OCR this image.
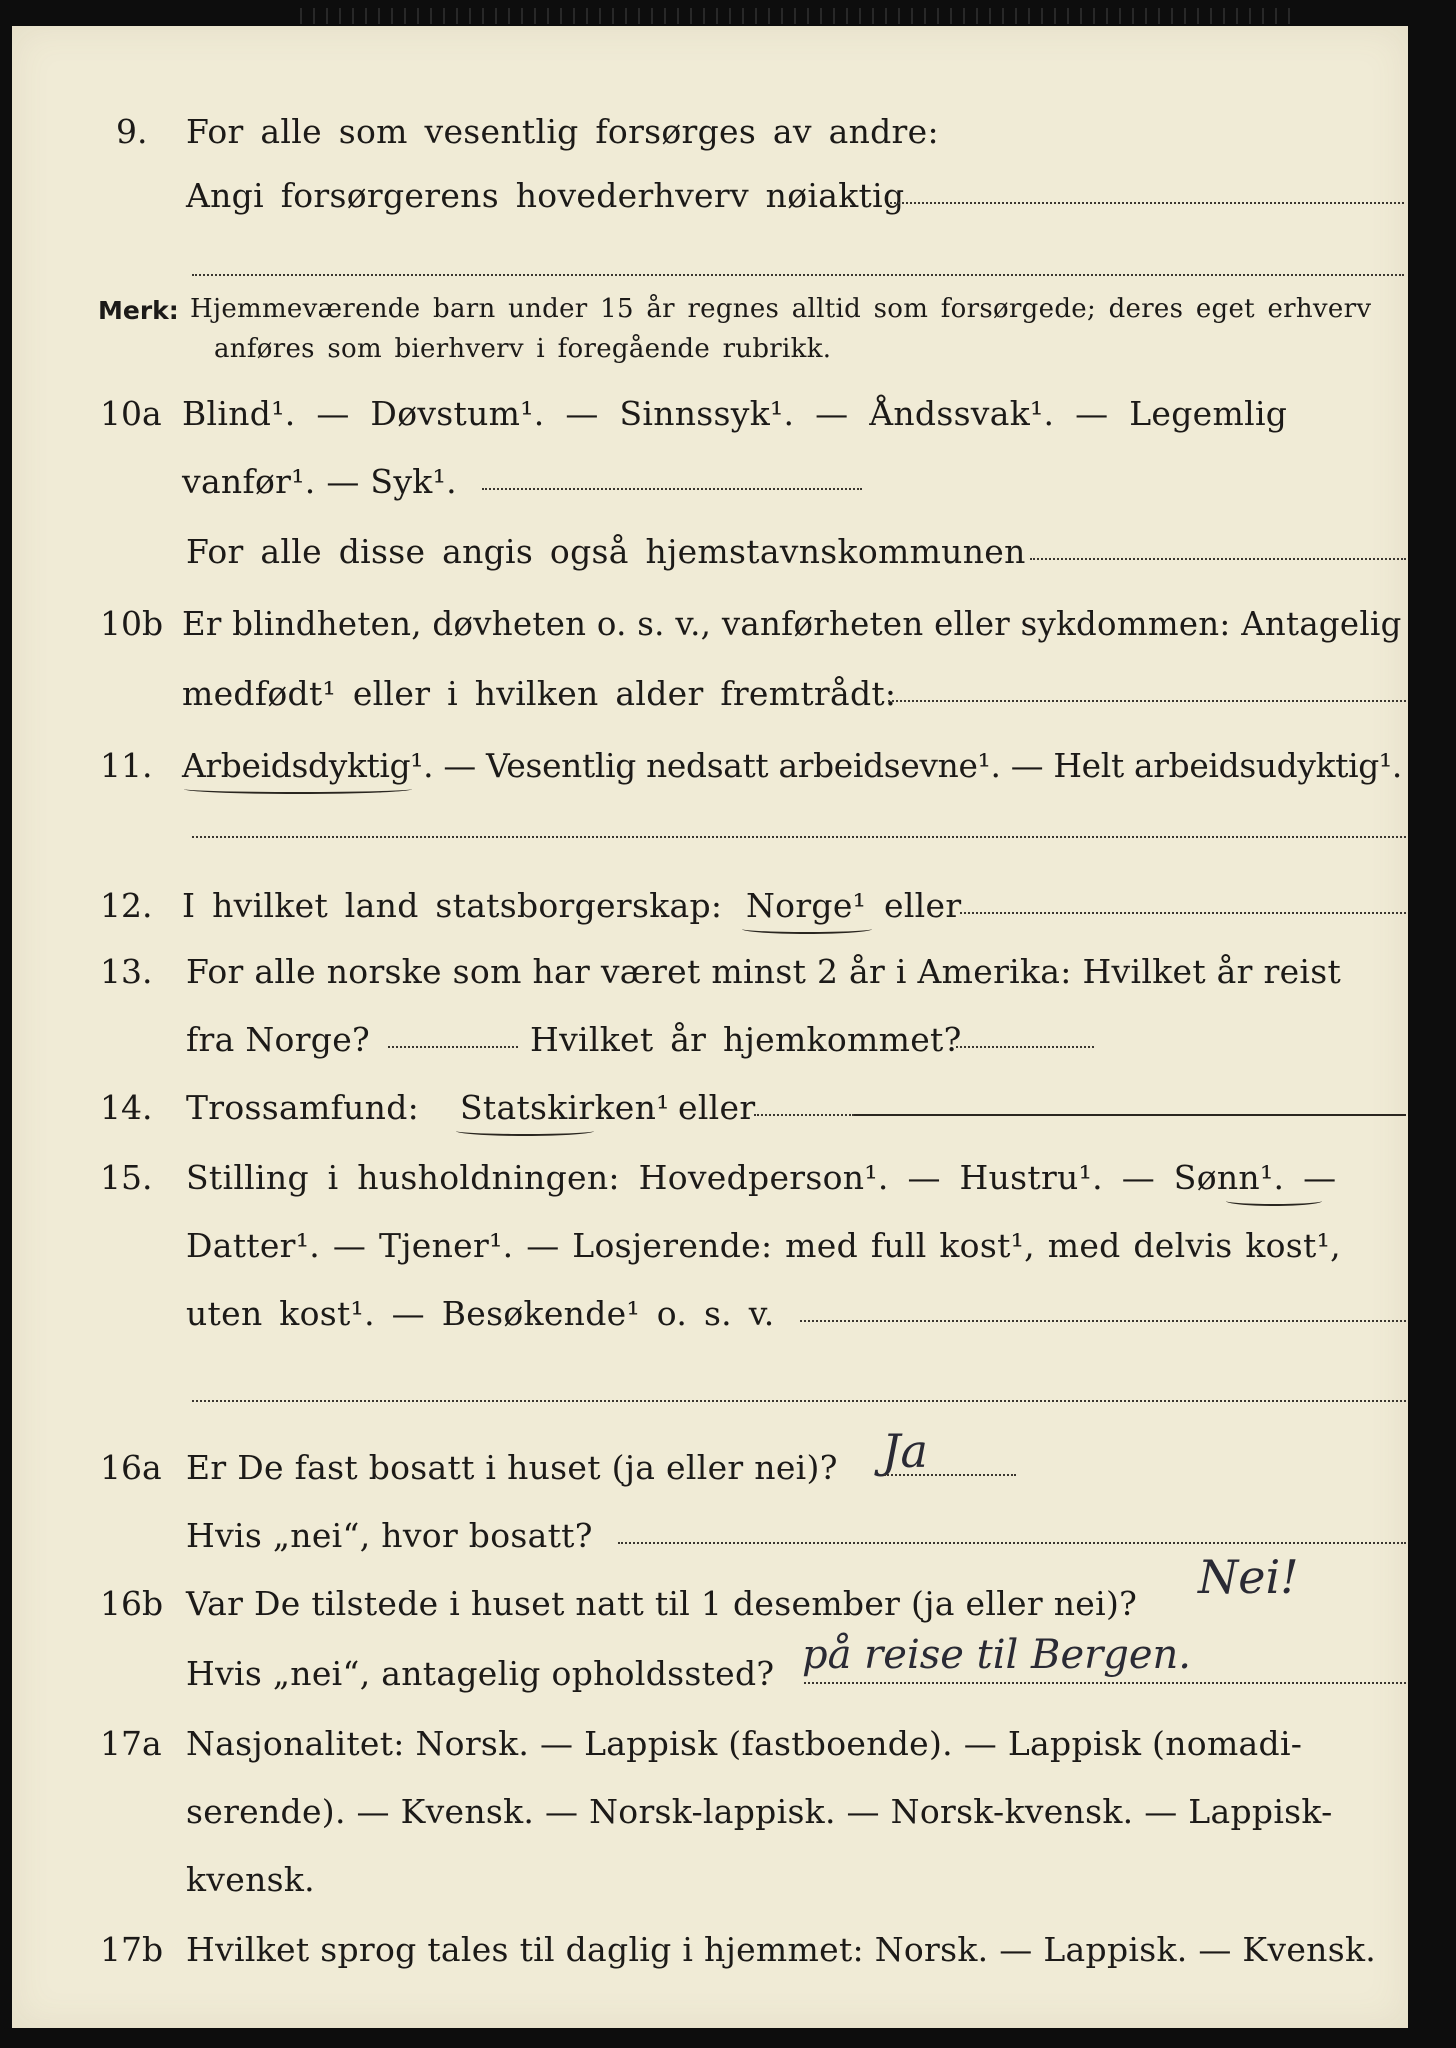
9. For alle som vesentlig forsørges av andre:
Angi forsørgerens hovederhverv nøiaktig
Merk: Hjemmeværende barn under 15 år regnes alltid som forsørgede; deres eget erhverv
anføres som bierhverv i foregående rubrikk.
10a Blind¹. — Døvstum¹. — Sinnssyk¹. — Åndssvak¹. — Legemlig
vanfør¹. — Syk¹.
For alle disse angis også hjemstavnskommunen
10b Er blindheten, døvheten o. s. v., vanførheten eller sykdommen: Antagelig
medfødt¹ eller i hvilken alder fremtrådt:
11. Arbeidsdyktig¹. — Vesentlig nedsatt arbeidsevne¹. — Helt arbeidsudyktig¹.
12. I hvilket land statsborgerskap: Norge¹ eller
13. For alle norske som har været minst 2 år i Amerika: Hvilket år reist
fra Norge?	Hvilket år hjemkommet?
14. Trossamfund: Statskirken¹ eller
15. Stilling i husholdningen: Hovedperson¹. — Hustru¹. — Sønn¹. —
Datter¹. — Tjener¹. — Losjerende: med full kost¹, med delvis kost¹,
uten kost¹. — Besøkende¹ o. s. v.
16a Er De fast bosatt i huset (ja eller nei)? Ja
Hvis „nei“, hvor bosatt?
16b Var De tilstede i huset natt til 1 desember (ja eller nei)? Nei!
Hvis „nei“, antagelig opholdssted? på reise til Bergen.
17a Nasjonalitet: Norsk. — Lappisk (fastboende). — Lappisk (nomadi-
serende). — Kvensk. — Norsk-lappisk. — Norsk-kvensk. — Lappisk-
kvensk.
17b Hvilket sprog tales til daglig i hjemmet: Norsk. — Lappisk. — Kvensk.
